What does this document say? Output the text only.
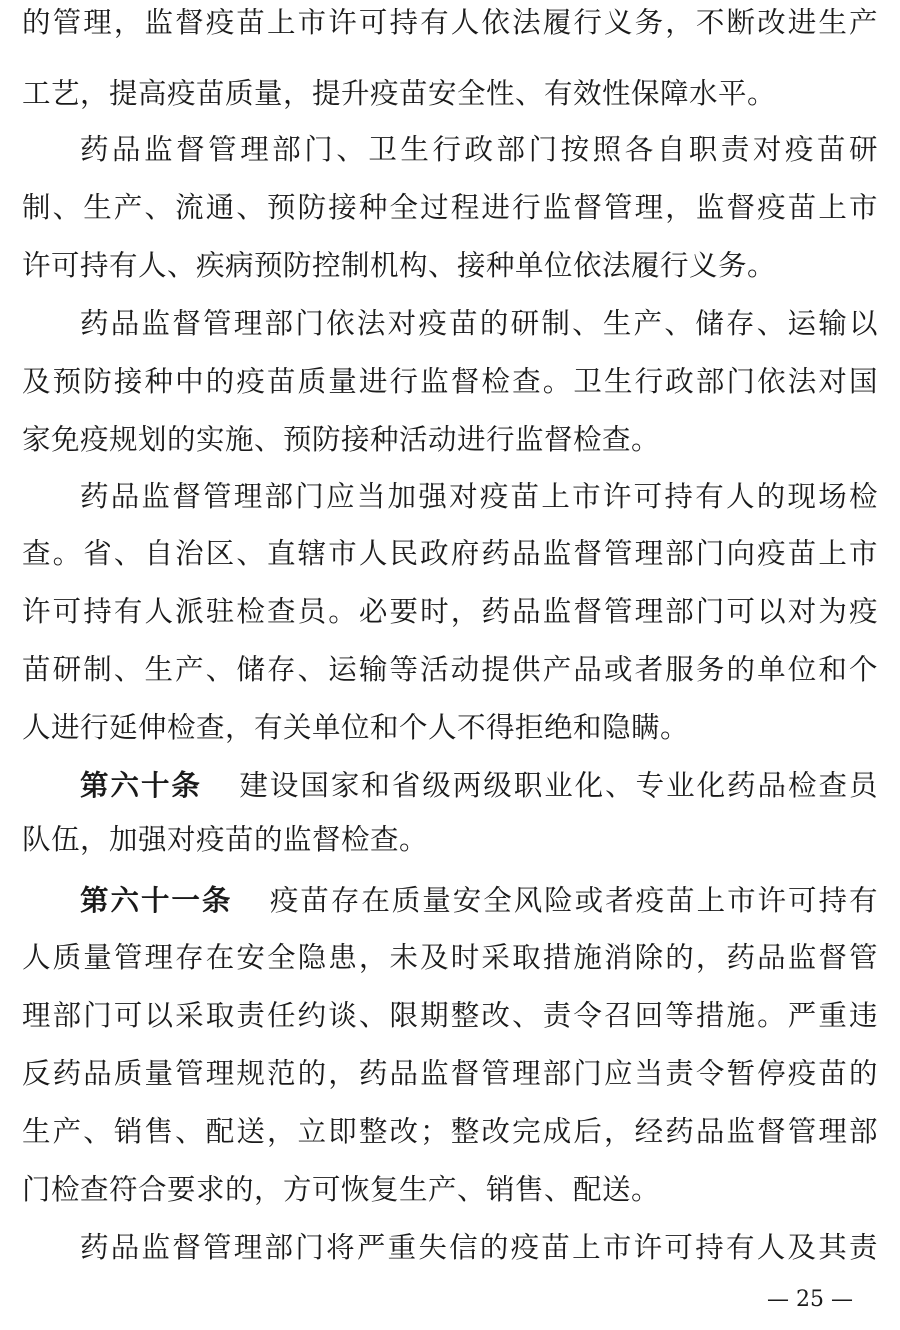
的管理，监督疫苗上市许可持有人依法履行义务，不断改进生产
工艺，提高疫苗质量，提升疫苗安全性、有效性保障水平。
药品监督管理部门、卫生行政部门按照各自职责对疫苗研
制、生产、流通、预防接种全过程进行监督管理，监督疫苗上市
许可持有人、疾病预防控制机构、接种单位依法履行义务。
药品监督管理部门依法对疫苗的研制、生产、储存、运输以
及预防接种中的疫苗质量进行监督检查。卫生行政部门依法对国
家免疫规划的实施、预防接种活动进行监督检查。
药品监督管理部门应当加强对疫苗上市许可持有人的现场检
查。省、自治区、直辖市人民政府药品监督管理部门向疫苗上市
许可持有人派驻检查员。必要时，药品监督管理部门可以对为疫
苗研制、生产、储存、运输等活动提供产品或者服务的单位和个
人进行延伸检查，有关单位和个人不得拒绝和隐瞒。
第六十条 建设国家和省级两级职业化、专业化药品检查员
队伍，加强对疫苗的监督检查。
第六十一条 疫苗存在质量安全风险或者疫苗上市许可持有
人质量管理存在安全隐患，未及时采取措施消除的，药品监督管
理部门可以采取责任约谈、限期整改、责令召回等措施。严重违
反药品质量管理规范的，药品监督管理部门应当责令暂停疫苗的
生产、销售、配送，立即整改；整改完成后，经药品监督管理部
门检查符合要求的，方可恢复生产、销售、配送。
药品监督管理部门将严重失信的疫苗上市许可持有人及其责
— 25 —
